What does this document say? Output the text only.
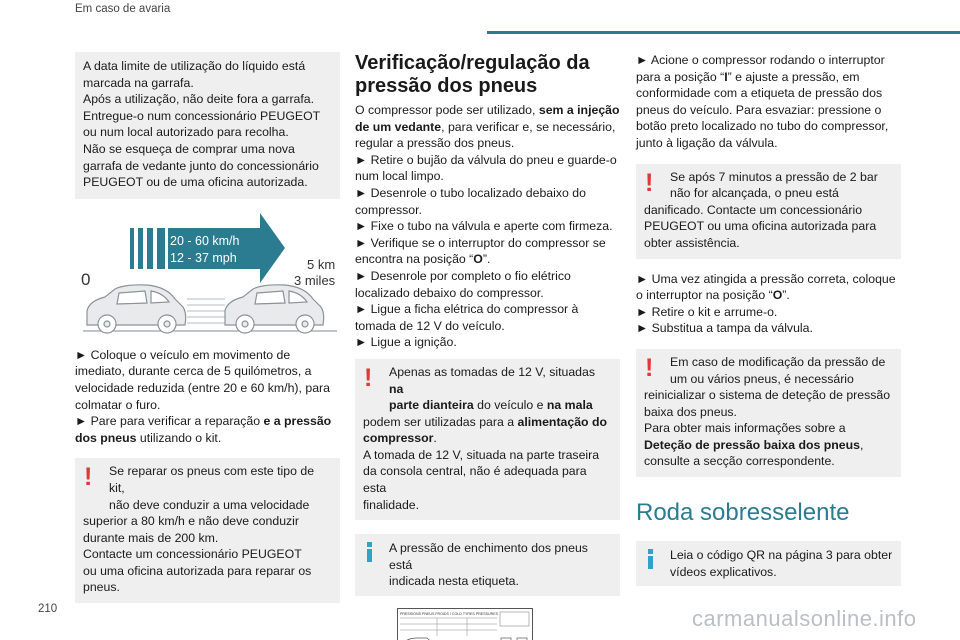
Em caso de avaria
A data limite de utilização do líquido está
marcada na garrafa.
Após a utilização, não deite fora a garrafa.
Entregue-o num concessionário PEUGEOT
ou num local autorizado para recolha.
Não se esqueça de comprar uma nova
garrafa de vedante junto do concessionário
PEUGEOT ou de uma oficina autorizada.
20 - 60 km/h
12 - 37 mph
0
5 km
3 miles
► Coloque o veículo em movimento de
imediato, durante cerca de 5 quilómetros, a
velocidade reduzida (entre 20 e 60 km/h), para
colmatar o furo.
► Pare para verificar a reparação e a pressão
dos pneus utilizando o kit.
! Se reparar os pneus com este tipo de kit,
não deve conduzir a uma velocidade
superior a 80 km/h e não deve conduzir
durante mais de 200 km.
Contacte um concessionário PEUGEOT
ou uma oficina autorizada para reparar os
pneus.
Verificação/regulação da
pressão dos pneus
O compressor pode ser utilizado, sem a injeção
de um vedante, para verificar e, se necessário,
regular a pressão dos pneus.
► Retire o bujão da válvula do pneu e guarde-o
num local limpo.
► Desenrole o tubo localizado debaixo do
compressor.
► Fixe o tubo na válvula e aperte com firmeza.
► Verifique se o interruptor do compressor se
encontra na posição “O”.
► Desenrole por completo o fio elétrico
localizado debaixo do compressor.
► Ligue a ficha elétrica do compressor à
tomada de 12 V do veículo.
► Ligue a ignição.
! Apenas as tomadas de 12 V, situadas na
parte dianteira do veículo e na mala
podem ser utilizadas para a alimentação do
compressor.
A tomada de 12 V, situada na parte traseira
da consola central, não é adequada para esta
finalidade.
A pressão de enchimento dos pneus está
indicada nesta etiqueta.
PRESSIONS PNEUS FROIDS / COLD TYRES PRESSURES
► Acione o compressor rodando o interruptor
para a posição “I” e ajuste a pressão, em
conformidade com a etiqueta de pressão dos
pneus do veículo. Para esvaziar: pressione o
botão preto localizado no tubo do compressor,
junto à ligação da válvula.
! Se após 7 minutos a pressão de 2 bar
não for alcançada, o pneu está
danificado. Contacte um concessionário
PEUGEOT ou uma oficina autorizada para
obter assistência.
► Uma vez atingida a pressão correta, coloque
o interruptor na posição “O”.
► Retire o kit e arrume-o.
► Substitua a tampa da válvula.
! Em caso de modificação da pressão de
um ou vários pneus, é necessário
reinicializar o sistema de deteção de pressão
baixa dos pneus.
Para obter mais informações sobre a
Deteção de pressão baixa dos pneus,
consulte a secção correspondente.
Roda sobresselente
Leia o código QR na página 3 para obter
vídeos explicativos.
210	carmanualsonline.info
